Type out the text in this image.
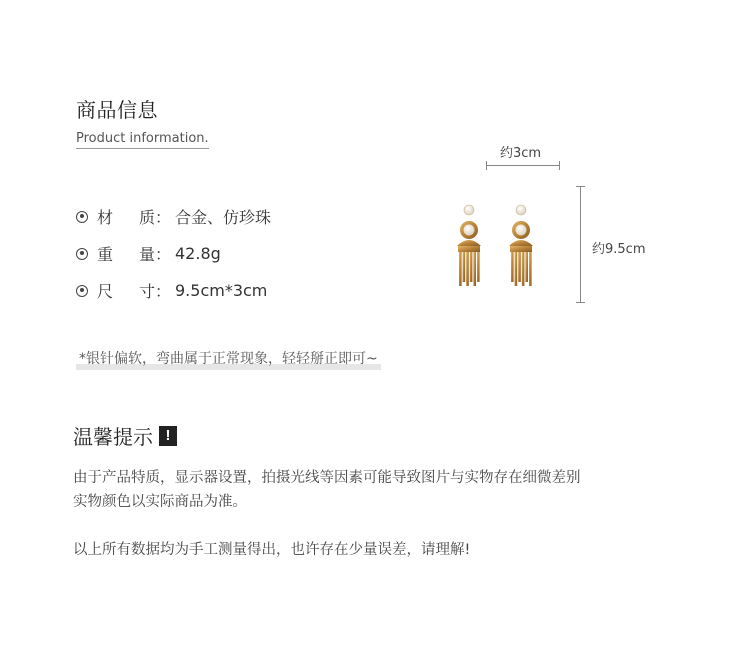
商品信息
Product information.
材 质： 合金、仿珍珠
重 量： 42.8g
尺 寸： 9.5cm*3cm
*银针偏软，弯曲属于正常现象，轻轻掰正即可~
约3cm
约9.5cm
温馨提示 !
由于产品特质，显示器设置，拍摄光线等因素可能导致图片与实物存在细微差别
实物颜色以实际商品为准。
以上所有数据均为手工测量得出，也许存在少量误差，请理解!
